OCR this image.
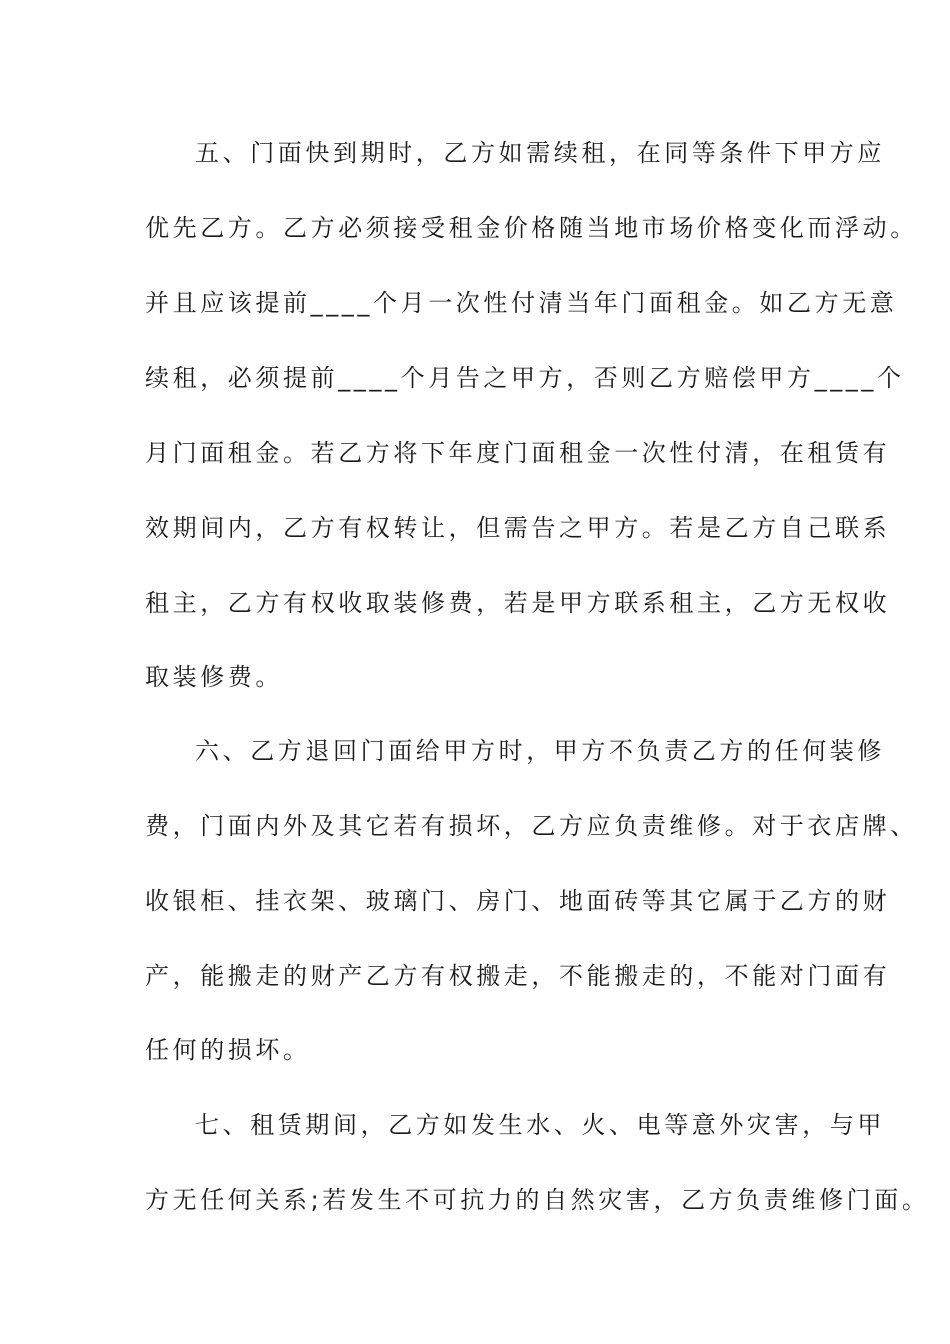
五、门面快到期时，乙方如需续租，在同等条件下甲方应
优先乙方。乙方必须接受租金价格随当地市场价格变化而浮动。
并且应该提前____个月一次性付清当年门面租金。如乙方无意
续租，必须提前____个月告之甲方，否则乙方赔偿甲方____个
月门面租金。若乙方将下年度门面租金一次性付清，在租赁有
效期间内，乙方有权转让，但需告之甲方。若是乙方自己联系
租主，乙方有权收取装修费，若是甲方联系租主，乙方无权收
取装修费。
六、乙方退回门面给甲方时，甲方不负责乙方的任何装修
费，门面内外及其它若有损坏，乙方应负责维修。对于衣店牌、
收银柜、挂衣架、玻璃门、房门、地面砖等其它属于乙方的财
产，能搬走的财产乙方有权搬走，不能搬走的，不能对门面有
任何的损坏。
七、租赁期间，乙方如发生水、火、电等意外灾害，与甲
方无任何关系;若发生不可抗力的自然灾害，乙方负责维修门面。
